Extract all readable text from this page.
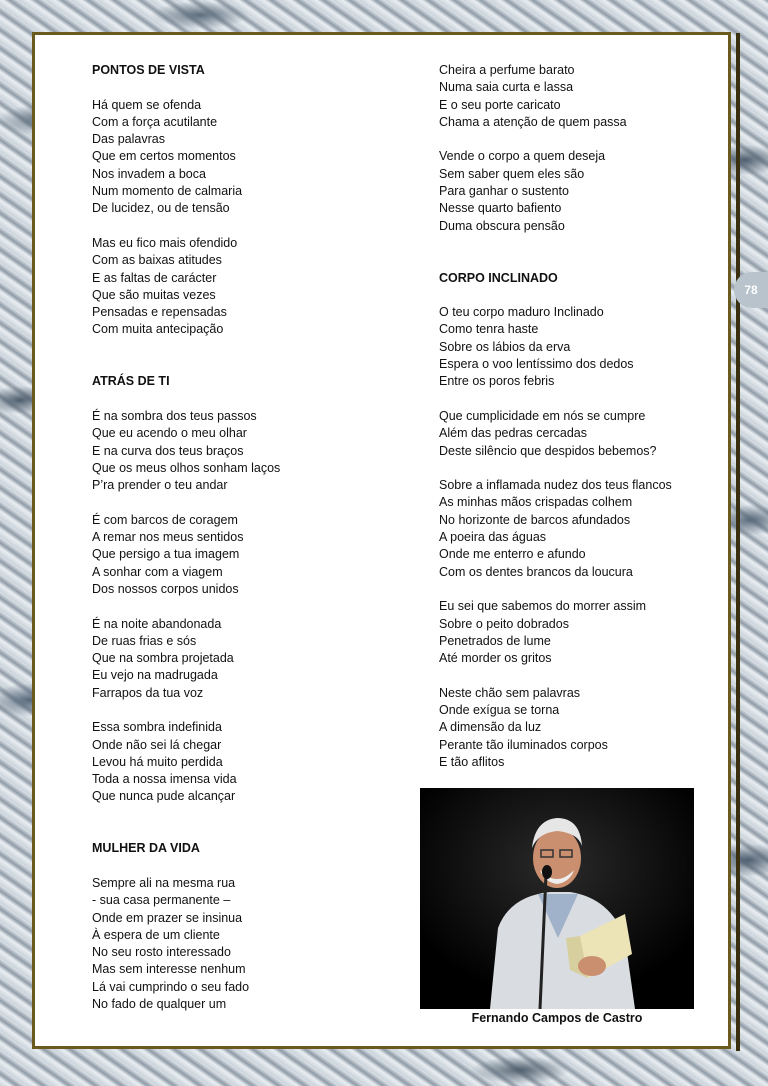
78
PONTOS DE VISTA
Há quem se ofenda
Com a força acutilante
Das palavras
Que em certos momentos
Nos invadem a boca
Num momento de calmaria
De lucidez, ou de tensão
Mas eu fico mais ofendido
Com as baixas atitudes
E as faltas de carácter
Que são muitas vezes
Pensadas e repensadas
Com muita antecipação
ATRÁS DE TI
É na sombra dos teus passos
Que eu acendo o meu olhar
E na curva dos teus braços
Que os meus olhos sonham laços
P’ra prender o teu andar
É com barcos de coragem
A remar nos meus sentidos
Que persigo a tua imagem
A sonhar com a viagem
Dos nossos corpos unidos
É na noite abandonada
De ruas frias e sós
Que na sombra projetada
Eu vejo na madrugada
Farrapos da tua voz
Essa sombra indefinida
Onde não sei lá chegar
Levou há muito perdida
Toda a nossa imensa vida
Que nunca pude alcançar
MULHER DA VIDA
Sempre ali na mesma rua
- sua casa permanente –
Onde em prazer se insinua
À espera de um cliente
No seu rosto interessado
Mas sem interesse nenhum
Lá vai cumprindo o seu fado
No fado de qualquer um
Cheira a perfume barato
Numa saia curta e lassa
E o seu porte caricato
Chama a atenção de quem passa
Vende o corpo a quem deseja
Sem saber quem eles são
Para ganhar o sustento
Nesse quarto bafiento
Duma obscura pensão
CORPO INCLINADO
O teu corpo maduro Inclinado
Como tenra haste
Sobre os lábios da erva
Espera o voo lentíssimo dos dedos
Entre os poros febris
Que cumplicidade em nós se cumpre
Além das pedras cercadas
Deste silêncio que despidos bebemos?
Sobre a inflamada nudez dos teus flancos
As minhas mãos crispadas colhem
No horizonte de barcos afundados
A poeira das águas
Onde me enterro e afundo
Com os dentes brancos da loucura
Eu sei que sabemos do morrer assim
Sobre o peito dobrados
Penetrados de lume
Até morder os gritos
Neste chão sem palavras
Onde exígua se torna
A dimensão da luz
Perante tão iluminados corpos
E tão aflitos
Fernando Campos de Castro
